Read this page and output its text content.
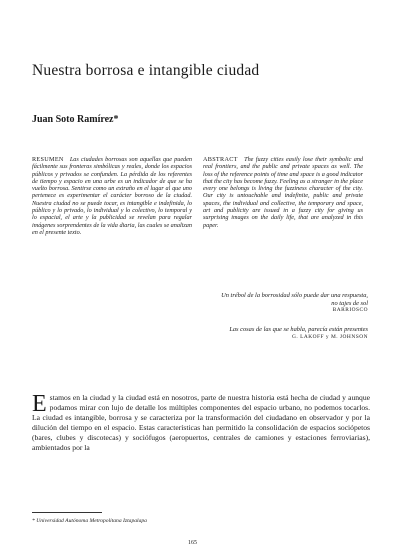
Nuestra borrosa e intangible ciudad
Juan Soto Ramírez*
RESUMEN Las ciudades borrosas son aquellas que pueden fácilmente sus fronteras simbólicas y reales, donde los espacios públicos y privados se confunden. La pérdida de los referentes de tiempo y espacio en una urbe es un indicador de que se ha vuelto borrosa. Sentirse como un extraño en el lugar al que uno pertenece es experimentar el carácter borroso de la ciudad. Nuestra ciudad no se puede tocar, es intangible e indefinida, lo público y lo privado, lo individual y lo colectivo, lo temporal y lo espacial, el arte y la publicidad se revelan para regalar imágenes sorprendentes de la vida diaria, las cuales se analizan en el presente texto.
ABSTRACT The fuzzy cities easily lose their symbolic and real frontiers, and the public and private spaces as well. The loss of the reference points of time and space is a good indicator that the city has become fuzzy. Feeling as a stranger in the place every one belongs is living the fuzziness character of the city. Our city is untouchable and indefinite, public and private spaces, the individual and collective, the temporary and space, art and publicity are issued in a fuzzy city for giving us surprising images on the daily life, that are analyzed in this paper.
Un trébol de la borrosidad sólo puede dar una respuesta, no tajes de sol
BARRIOSCO
Las cosas de las que se habla, parecía están presentes
G. LAKOFF y M. JOHNSON
Estamos en la ciudad y la ciudad está en nosotros, parte de nuestra historia está hecha de ciudad y aunque podamos mirar con lujo de detalle los múltiples componentes del espacio urbano, no podemos tocarlos. La ciudad es intangible, borrosa y se caracteriza por la transformación del ciudadano en observador y por la dilución del tiempo en el espacio. Estas características han permitido la consolidación de espacios sociópetos (bares, clubes y discotecas) y sociófugos (aeropuertos, centrales de camiones y estaciones ferroviarias), ambientados por la
* Universidad Autónoma Metropolitana Iztapalapa
165
